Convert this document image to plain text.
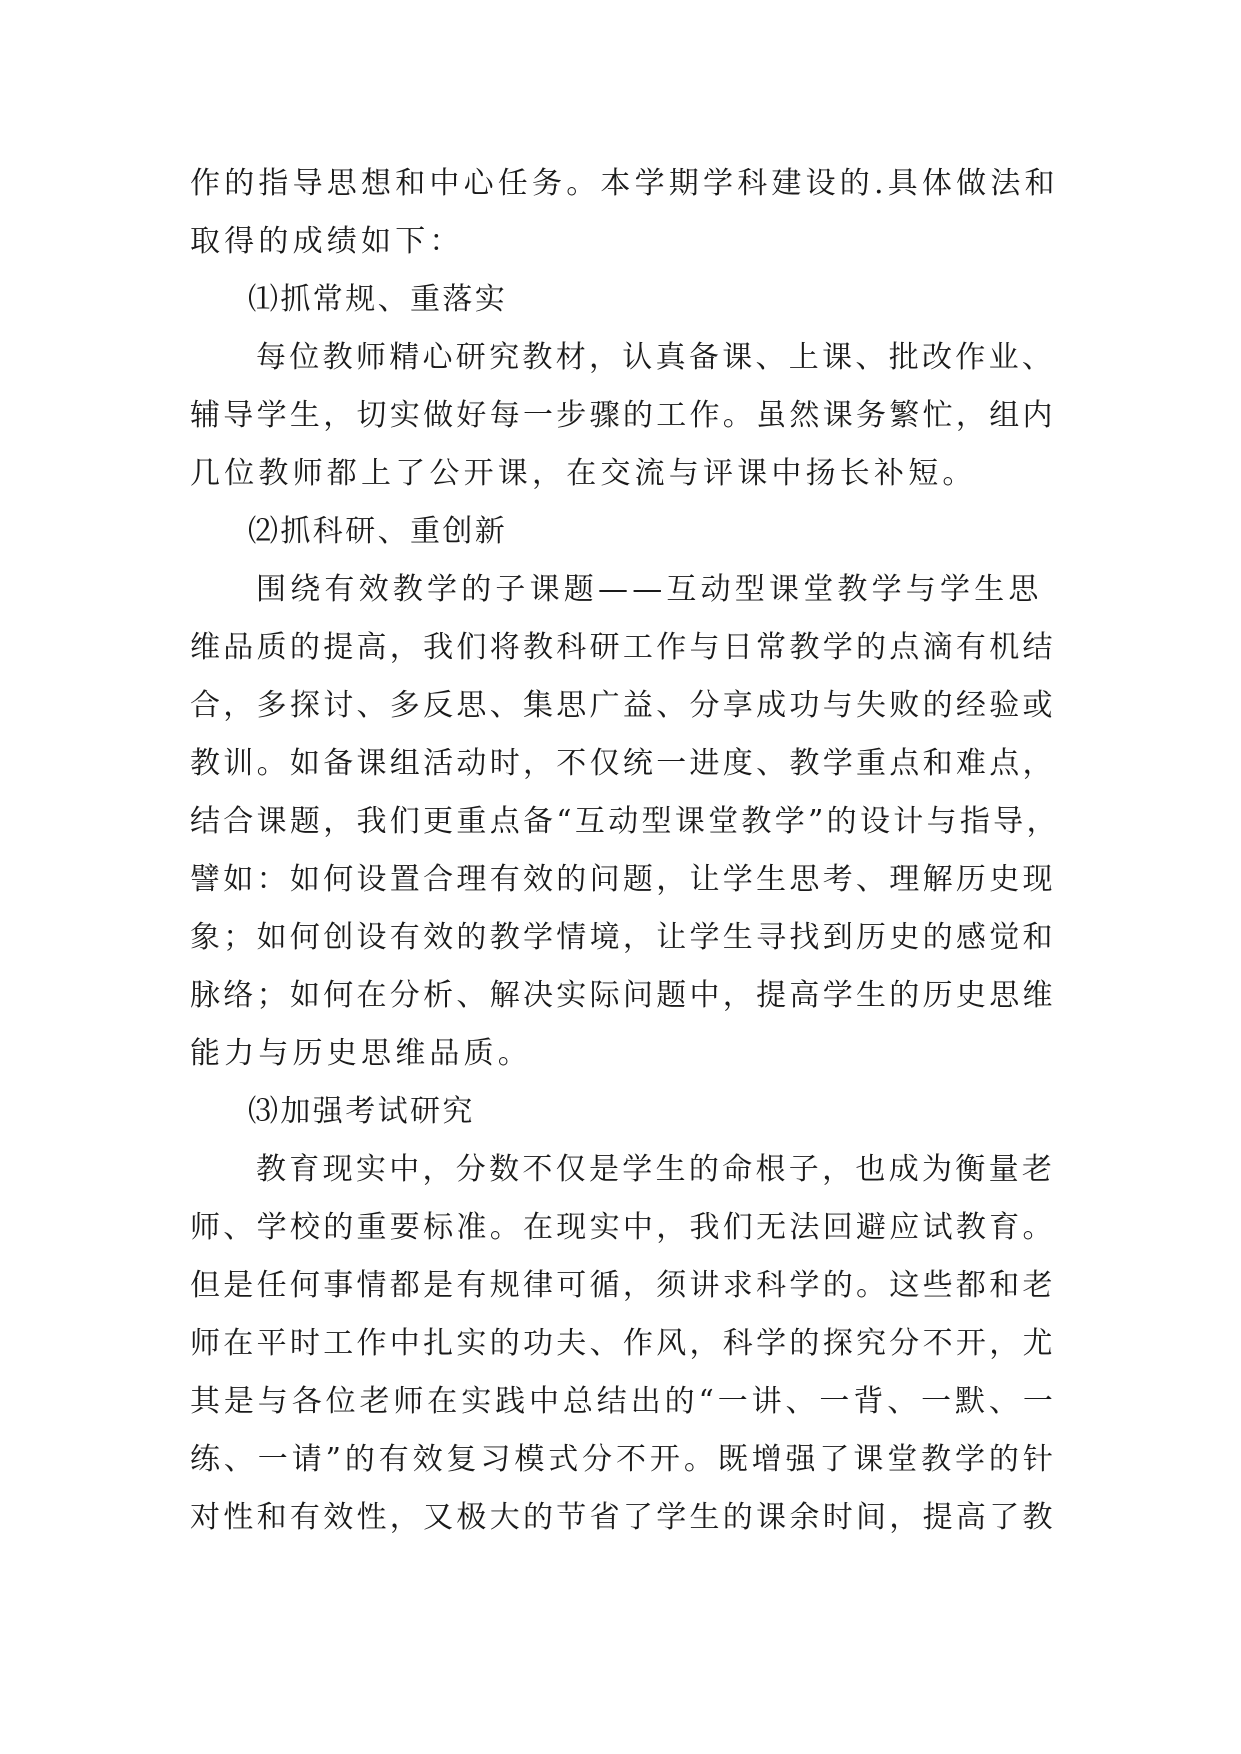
作的指导思想和中心任务。本学期学科建设的.具体做法和
取得的成绩如下：
⑴抓常规、重落实
每位教师精心研究教材，认真备课、上课、批改作业、
辅导学生，切实做好每一步骤的工作。虽然课务繁忙，组内
几位教师都上了公开课，在交流与评课中扬长补短。
⑵抓科研、重创新
围绕有效教学的子课题——互动型课堂教学与学生思
维品质的提高，我们将教科研工作与日常教学的点滴有机结
合，多探讨、多反思、集思广益、分享成功与失败的经验或
教训。如备课组活动时，不仅统一进度、教学重点和难点，
结合课题，我们更重点备“互动型课堂教学”的设计与指导，
譬如：如何设置合理有效的问题，让学生思考、理解历史现
象；如何创设有效的教学情境，让学生寻找到历史的感觉和
脉络；如何在分析、解决实际问题中，提高学生的历史思维
能力与历史思维品质。
⑶加强考试研究
教育现实中，分数不仅是学生的命根子，也成为衡量老
师、学校的重要标准。在现实中，我们无法回避应试教育。
但是任何事情都是有规律可循，须讲求科学的。这些都和老
师在平时工作中扎实的功夫、作风，科学的探究分不开，尤
其是与各位老师在实践中总结出的“一讲、一背、一默、一
练、一请”的有效复习模式分不开。既增强了课堂教学的针
对性和有效性，又极大的节省了学生的课余时间，提高了教
